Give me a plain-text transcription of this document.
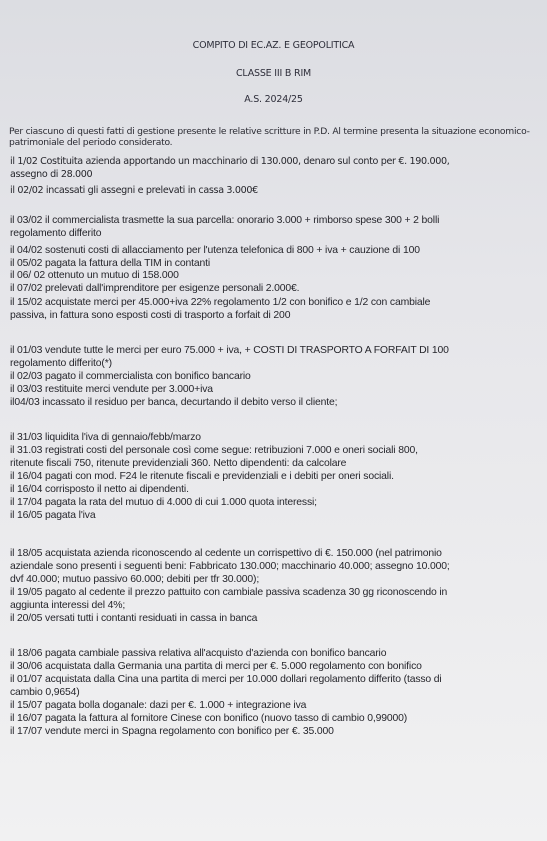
COMPITO DI EC.AZ. E GEOPOLITICA
CLASSE III B RIM
A.S. 2024/25
Per ciascuno di questi fatti di gestione presente le relative scritture in P.D. Al termine presenta la situazione economico-patrimoniale del periodo considerato.
il 1/02 Costituita azienda apportando un macchinario di 130.000, denaro sul conto per €. 190.000,
assegno di 28.000
il 02/02 incassati gli assegni e prelevati in cassa 3.000€
il 03/02 il commercialista trasmette la sua parcella: onorario 3.000 + rimborso spese 300 + 2 bolli
regolamento differito
il 04/02 sostenuti costi di allacciamento per l'utenza telefonica di 800 + iva + cauzione di 100
il 05/02 pagata la fattura della TIM in contanti
il 06/ 02 ottenuto un mutuo di 158.000
il 07/02 prelevati dall'imprenditore per esigenze personali 2.000€.
il 15/02 acquistate merci per 45.000+iva 22% regolamento 1/2 con bonifico e 1/2 con cambiale
passiva, in fattura sono esposti costi di trasporto a forfait di 200
il 01/03 vendute tutte le merci per euro 75.000 + iva, + COSTI DI TRASPORTO A FORFAIT DI 100
regolamento differito(*)
il 02/03 pagato il commercialista con bonifico bancario
il 03/03 restituite merci vendute per 3.000+iva
il04/03 incassato il residuo per banca, decurtando il debito verso il cliente;
il 31/03 liquidita l'iva di gennaio/febb/marzo
il 31.03 registrati costi del personale così come segue: retribuzioni 7.000 e oneri sociali 800,
ritenute fiscali 750, ritenute previdenziali 360. Netto dipendenti: da calcolare
il 16/04 pagati con mod. F24 le ritenute fiscali e previdenziali e i debiti per oneri sociali.
il 16/04 corrisposto il netto ai dipendenti.
il 17/04 pagata la rata del mutuo di 4.000 di cui 1.000 quota interessi;
il 16/05 pagata l'iva
il 18/05 acquistata azienda riconoscendo al cedente un corrispettivo di €. 150.000 (nel patrimonio
aziendale sono presenti i seguenti beni: Fabbricato 130.000; macchinario 40.000; assegno 10.000;
dvf 40.000; mutuo passivo 60.000; debiti per tfr 30.000);
il 19/05 pagato al cedente il prezzo pattuito con cambiale passiva scadenza 30 gg riconoscendo in
aggiunta interessi del 4%;
il 20/05 versati tutti i contanti residuati in cassa in banca
il 18/06 pagata cambiale passiva relativa all'acquisto d'azienda con bonifico bancario
il 30/06 acquistata dalla Germania una partita di merci per €. 5.000 regolamento con bonifico
il 01/07 acquistata dalla Cina una partita di merci per 10.000 dollari regolamento differito (tasso di
cambio 0,9654)
il 15/07 pagata bolla doganale: dazi per €. 1.000 + integrazione iva
il 16/07 pagata la fattura al fornitore Cinese con bonifico (nuovo tasso di cambio 0,99000)
il 17/07 vendute merci in Spagna regolamento con bonifico per €. 35.000
